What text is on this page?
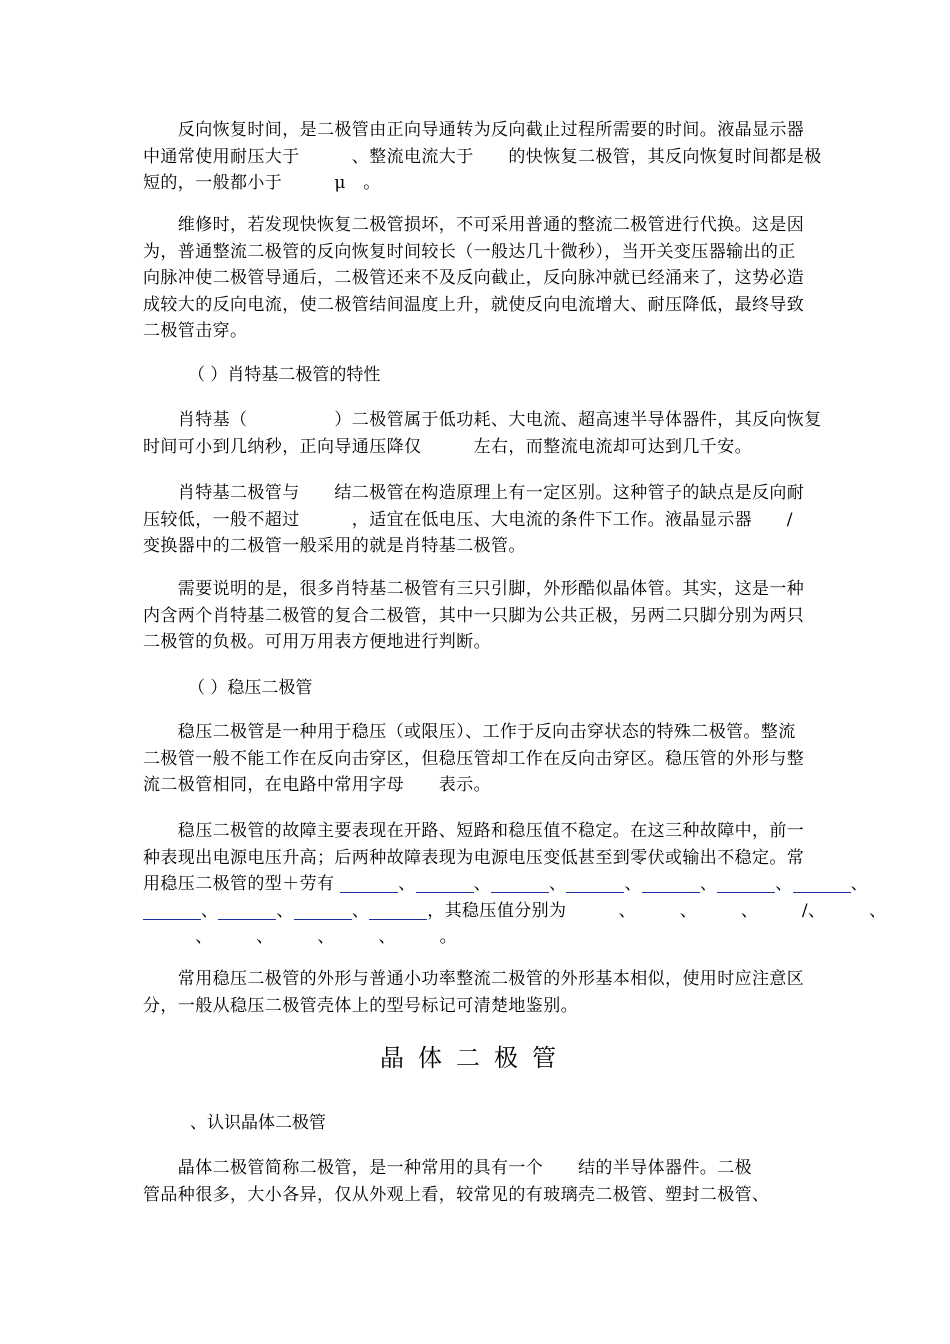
　　反向恢复时间，是二极管由正向导通转为反向截止过程所需要的时间。液晶显示器
中通常使用耐压大于　　　、整流电流大于　　的快恢复二极管，其反向恢复时间都是极
短的，一般都小于　　　μ　。
　　维修时，若发现快恢复二极管损坏，不可采用普通的整流二极管进行代换。这是因
为，普通整流二极管的反向恢复时间较长（一般达几十微秒），当开关变压器输出的正
向脉冲使二极管导通后，二极管还来不及反向截止，反向脉冲就已经涌来了，这势必造
成较大的反向电流，使二极管结间温度上升，就使反向电流增大、耐压降低，最终导致
二极管击穿。
（ ）肖特基二极管的特性
　　肖特基（　　　　　）二极管属于低功耗、大电流、超高速半导体器件，其反向恢复
时间可小到几纳秒，正向导通压降仅　　　左右，而整流电流却可达到几千安。
　　肖特基二极管与　　结二极管在构造原理上有一定区别。这种管子的缺点是反向耐
压较低，一般不超过　　　，适宜在低电压、大电流的条件下工作。液晶显示器　　/
变换器中的二极管一般采用的就是肖特基二极管。
　　需要说明的是，很多肖特基二极管有三只引脚，外形酷似晶体管。其实，这是一种
内含两个肖特基二极管的复合二极管，其中一只脚为公共正极，另两二只脚分别为两只
二极管的负极。可用万用表方便地进行判断。
（ ）稳压二极管
　　稳压二极管是一种用于稳压（或限压）、工作于反向击穿状态的特殊二极管。整流
二极管一般不能工作在反向击穿区，但稳压管却工作在反向击穿区。稳压管的外形与整
流二极管相同，在电路中常用字母　　表示。
　　稳压二极管的故障主要表现在开路、短路和稳压值不稳定。在这三种故障中，前一
种表现出电源电压升高；后两种故障表现为电源电压变低甚至到零伏或输出不稳定。常
用稳压二极管的型＋劳有	、	、	、	、	、	、	、
、	、	、	，其稳压值分别为　　　、　　　、　　　、　　　/、　　　、
　　　、　　　、　　　、　　　、　　　。
　　常用稳压二极管的外形与普通小功率整流二极管的外形基本相似，使用时应注意区
分，一般从稳压二极管壳体上的型号标记可清楚地鉴别。
晶体二极管
、认识晶体二极管
　　晶体二极管简称二极管，是一种常用的具有一个　　结的半导体器件。二极
管品种很多，大小各异，仅从外观上看，较常见的有玻璃壳二极管、塑封二极管、
